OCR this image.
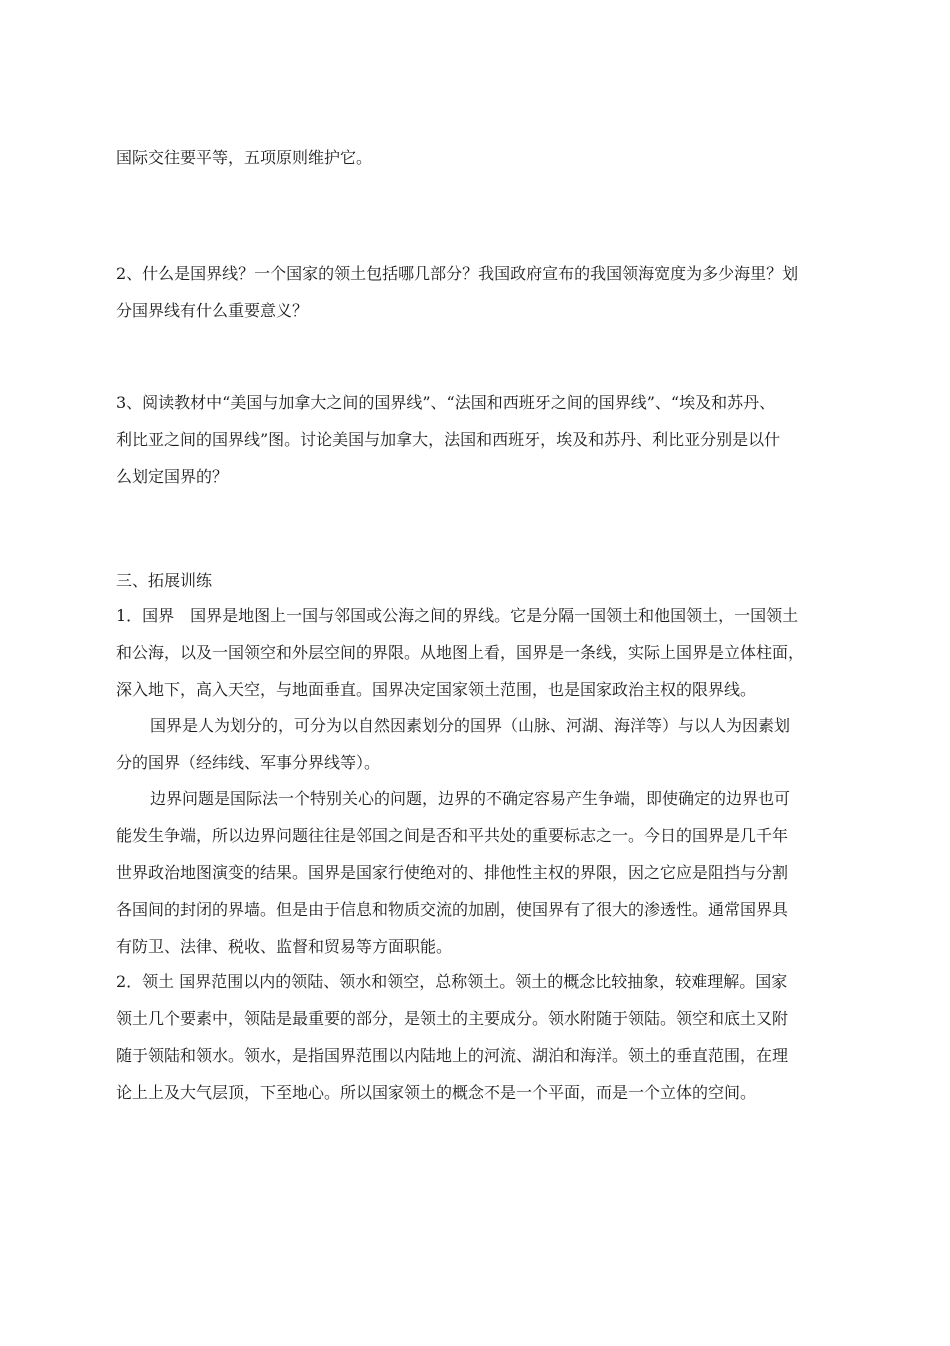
国际交往要平等，五项原则维护它。
2、什么是国界线？一个国家的领土包括哪几部分？我国政府宣布的我国领海宽度为多少海里？划
分国界线有什么重要意义？
3、阅读教材中“美国与加拿大之间的国界线”、“法国和西班牙之间的国界线”、“埃及和苏丹、
利比亚之间的国界线”图。讨论美国与加拿大，法国和西班牙，埃及和苏丹、利比亚分别是以什
么划定国界的？
三、拓展训练
1．国界　国界是地图上一国与邻国或公海之间的界线。它是分隔一国领土和他国领土，一国领土
和公海，以及一国领空和外层空间的界限。从地图上看，国界是一条线，实际上国界是立体柱面，
深入地下，高入天空，与地面垂直。国界决定国家领土范围，也是国家政治主权的限界线。
国界是人为划分的，可分为以自然因素划分的国界（山脉、河湖、海洋等）与以人为因素划
分的国界（经纬线、军事分界线等）。
边界问题是国际法一个特别关心的问题，边界的不确定容易产生争端，即使确定的边界也可
能发生争端，所以边界问题往往是邻国之间是否和平共处的重要标志之一。今日的国界是几千年
世界政治地图演变的结果。国界是国家行使绝对的、排他性主权的界限，因之它应是阻挡与分割
各国间的封闭的界墙。但是由于信息和物质交流的加剧，使国界有了很大的渗透性。通常国界具
有防卫、法律、税收、监督和贸易等方面职能。
2．领土 国界范围以内的领陆、领水和领空，总称领土。领土的概念比较抽象，较难理解。国家
领土几个要素中，领陆是最重要的部分，是领土的主要成分。领水附随于领陆。领空和底土又附
随于领陆和领水。领水，是指国界范围以内陆地上的河流、湖泊和海洋。领土的垂直范围，在理
论上上及大气层顶，下至地心。所以国家领土的概念不是一个平面，而是一个立体的空间。
